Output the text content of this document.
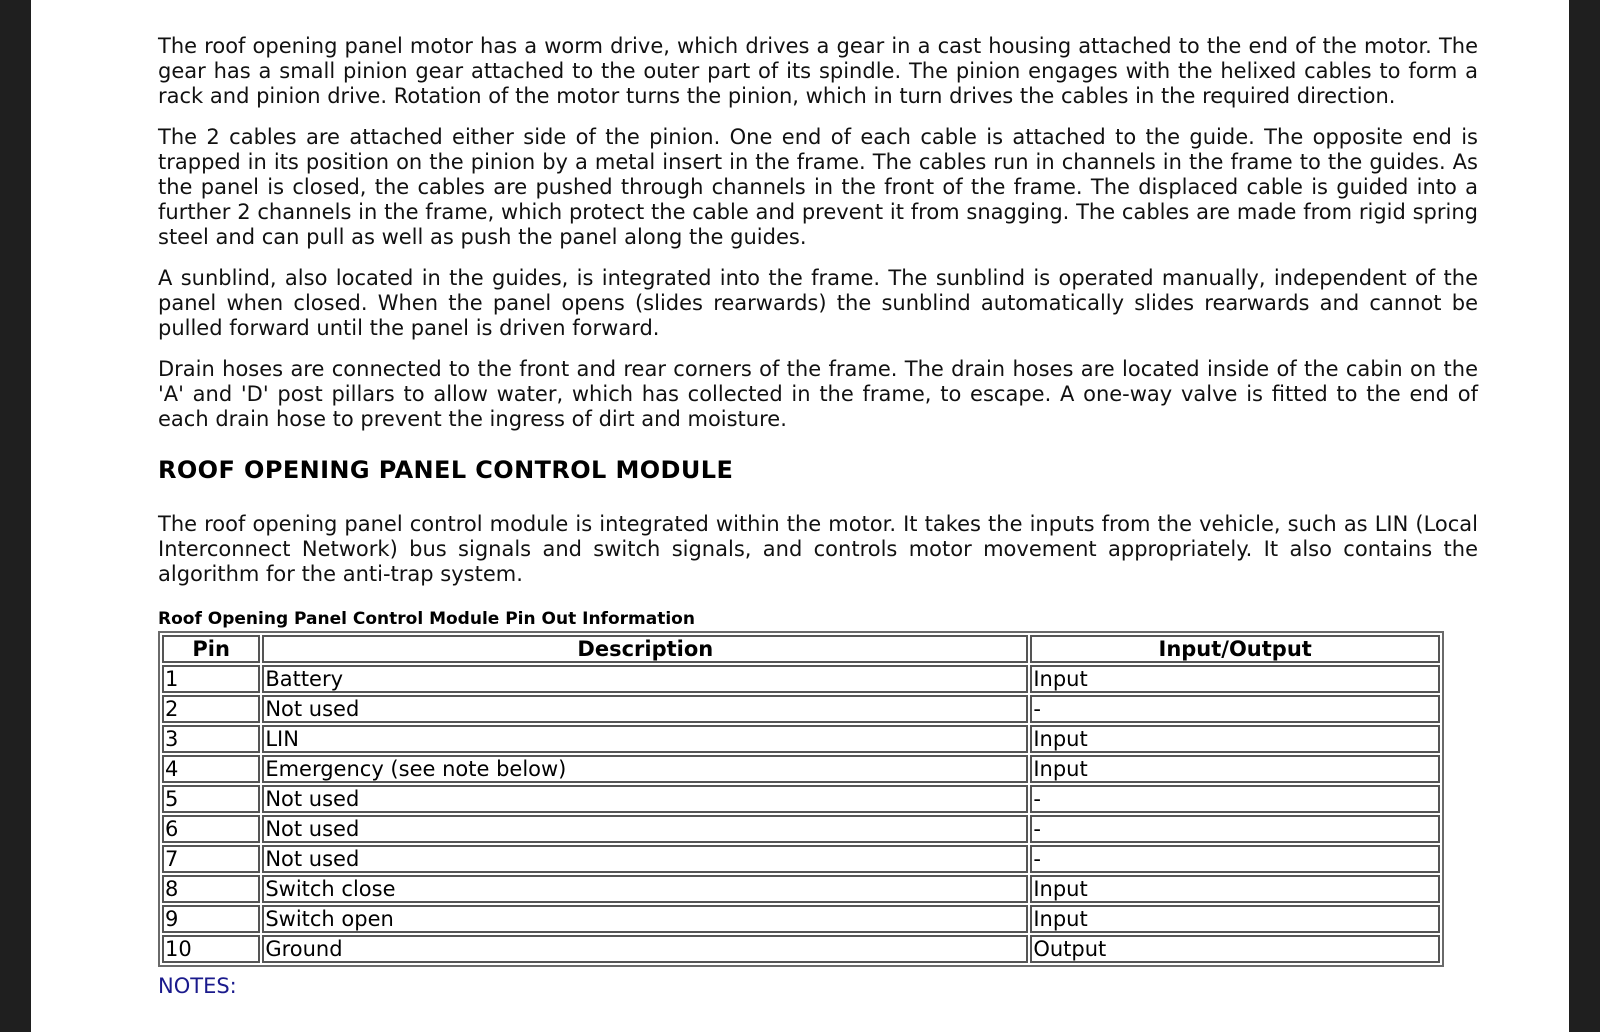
The roof opening panel motor has a worm drive, which drives a gear in a cast housing attached to the end of the motor. The gear has a small pinion gear attached to the outer part of its spindle. The pinion engages with the helixed cables to form a rack and pinion drive. Rotation of the motor turns the pinion, which in turn drives the cables in the required direction.

The 2 cables are attached either side of the pinion. One end of each cable is attached to the guide. The opposite end is trapped in its position on the pinion by a metal insert in the frame. The cables run in channels in the frame to the guides. As the panel is closed, the cables are pushed through channels in the front of the frame. The displaced cable is guided into a further 2 channels in the frame, which protect the cable and prevent it from snagging. The cables are made from rigid spring steel and can pull as well as push the panel along the guides.

A sunblind, also located in the guides, is integrated into the frame. The sunblind is operated manually, independent of the panel when closed. When the panel opens (slides rearwards) the sunblind automatically slides rearwards and cannot be pulled forward until the panel is driven forward.

Drain hoses are connected to the front and rear corners of the frame. The drain hoses are located inside of the cabin on the 'A' and 'D' post pillars to allow water, which has collected in the frame, to escape. A one-way valve is fitted to the end of each drain hose to prevent the ingress of dirt and moisture.

ROOF OPENING PANEL CONTROL MODULE

The roof opening panel control module is integrated within the motor. It takes the inputs from the vehicle, such as LIN (Local Interconnect Network) bus signals and switch signals, and controls motor movement appropriately. It also contains the algorithm for the anti-trap system.

Roof Opening Panel Control Module Pin Out Information
Pin	Description	Input/Output
1	Battery	Input
2	Not used	-
3	LIN	Input
4	Emergency (see note below)	Input
5	Not used	-
6	Not used	-
7	Not used	-
8	Switch close	Input
9	Switch open	Input
10	Ground	Output
NOTES:
